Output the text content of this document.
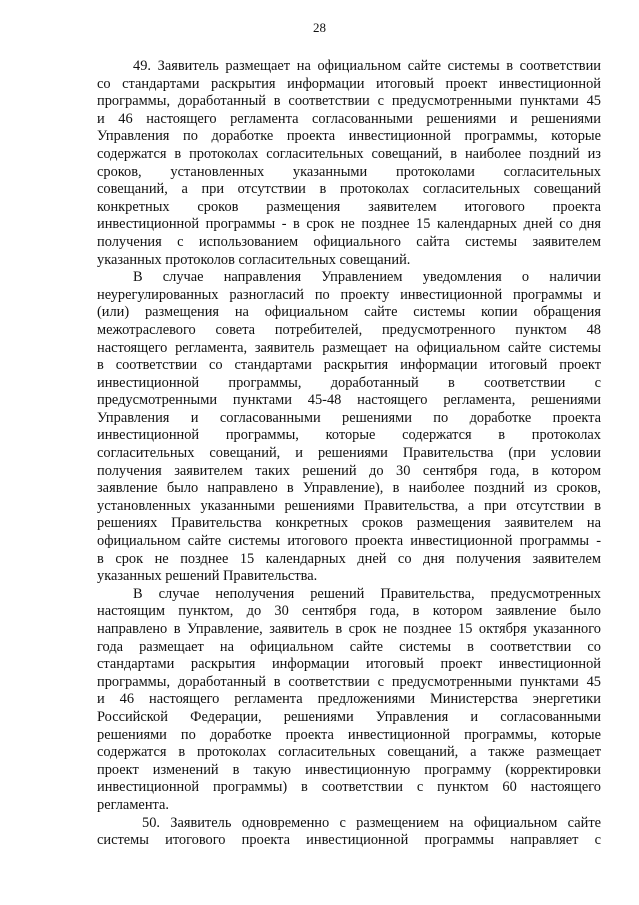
28
49. Заявитель размещает на официальном сайте системы в соответствии
со стандартами раскрытия информации итоговый проект инвестиционной
программы, доработанный в соответствии с предусмотренными пунктами 45
и 46 настоящего регламента согласованными решениями и решениями
Управления по доработке проекта инвестиционной программы, которые
содержатся в протоколах согласительных совещаний, в наиболее поздний из
сроков, установленных указанными протоколами согласительных
совещаний, а при отсутствии в протоколах согласительных совещаний
конкретных сроков размещения заявителем итогового проекта
инвестиционной программы - в срок не позднее 15 календарных дней со дня
получения с использованием официального сайта системы заявителем
указанных протоколов согласительных совещаний.
В случае направления Управлением уведомления о наличии
неурегулированных разногласий по проекту инвестиционной программы и
(или) размещения на официальном сайте системы копии обращения
межотраслевого совета потребителей, предусмотренного пунктом 48
настоящего регламента, заявитель размещает на официальном сайте системы
в соответствии со стандартами раскрытия информации итоговый проект
инвестиционной программы, доработанный в соответствии с
предусмотренными пунктами 45-48 настоящего регламента, решениями
Управления и согласованными решениями по доработке проекта
инвестиционной программы, которые содержатся в протоколах
согласительных совещаний, и решениями Правительства (при условии
получения заявителем таких решений до 30 сентября года, в котором
заявление было направлено в Управление), в наиболее поздний из сроков,
установленных указанными решениями Правительства, а при отсутствии в
решениях Правительства конкретных сроков размещения заявителем на
официальном сайте системы итогового проекта инвестиционной программы -
в срок не позднее 15 календарных дней со дня получения заявителем
указанных решений Правительства.
В случае неполучения решений Правительства, предусмотренных
настоящим пунктом, до 30 сентября года, в котором заявление было
направлено в Управление, заявитель в срок не позднее 15 октября указанного
года размещает на официальном сайте системы в соответствии со
стандартами раскрытия информации итоговый проект инвестиционной
программы, доработанный в соответствии с предусмотренными пунктами 45
и 46 настоящего регламента предложениями Министерства энергетики
Российской Федерации, решениями Управления и согласованными
решениями по доработке проекта инвестиционной программы, которые
содержатся в протоколах согласительных совещаний, а также размещает
проект изменений в такую инвестиционную программу (корректировки
инвестиционной программы) в соответствии с пунктом 60 настоящего
регламента.
50. Заявитель одновременно с размещением на официальном сайте
системы итогового проекта инвестиционной программы направляет с
